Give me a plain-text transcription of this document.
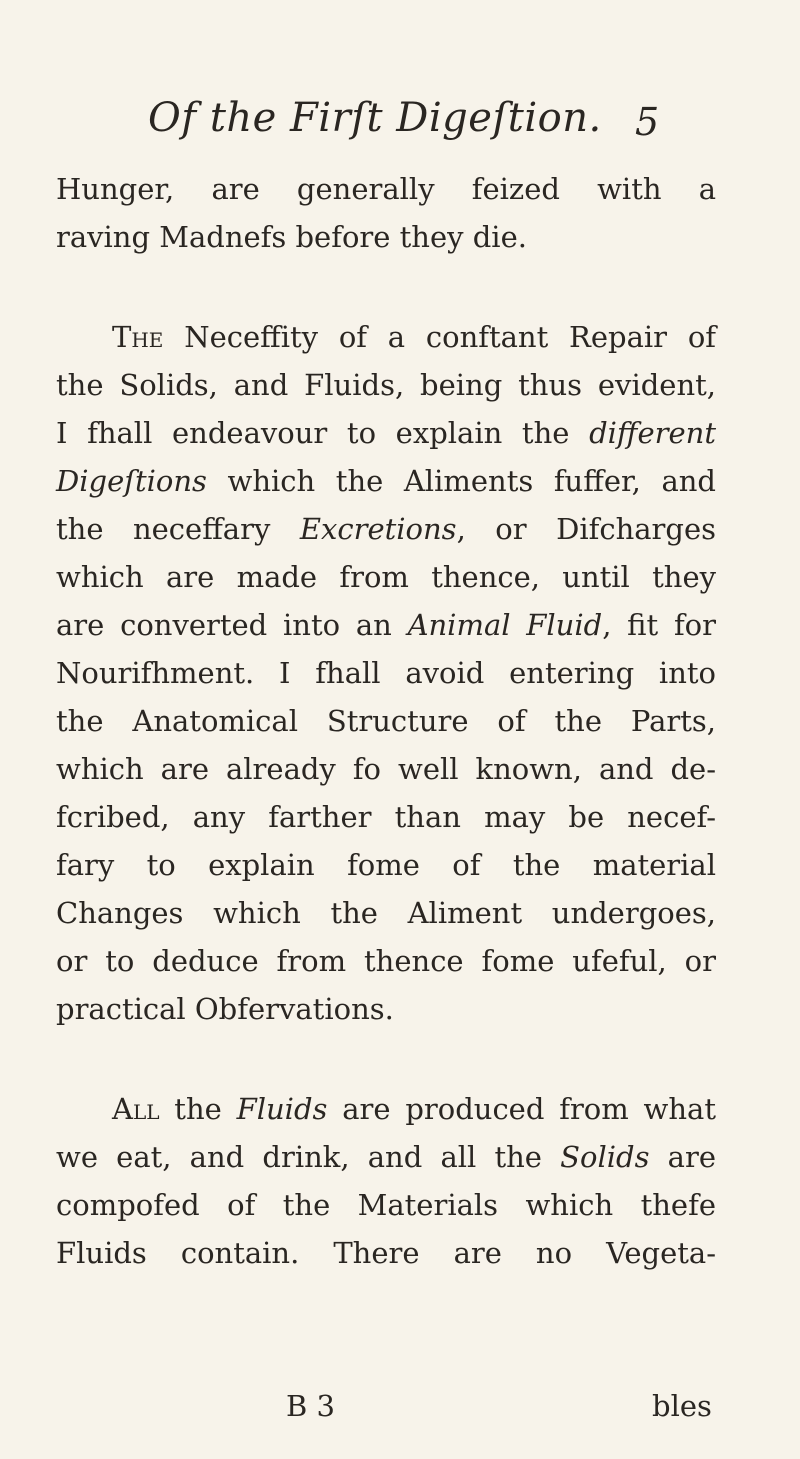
Of the Firſt Digeſtion. 5
Hunger, are generally feized with a
raving Madnefs before they die.
The Neceffity of a conftant Repair of
the Solids, and Fluids, being thus evident,
I fhall endeavour to explain the different
Digeſtions which the Aliments fuffer, and
the neceffary Excretions, or Difcharges
which are made from thence, until they
are converted into an Animal Fluid, fit for
Nourifhment. I fhall avoid entering into
the Anatomical Structure of the Parts,
which are already fo well known, and de-
fcribed, any farther than may be necef-
fary to explain fome of the material
Changes which the Aliment undergoes,
or to deduce from thence fome ufeful, or
practical Obfervations.
All the Fluids are produced from what
we eat, and drink, and all the Solids are
compofed of the Materials which thefe
Fluids contain. There are no Vegeta-
B 3	bles
